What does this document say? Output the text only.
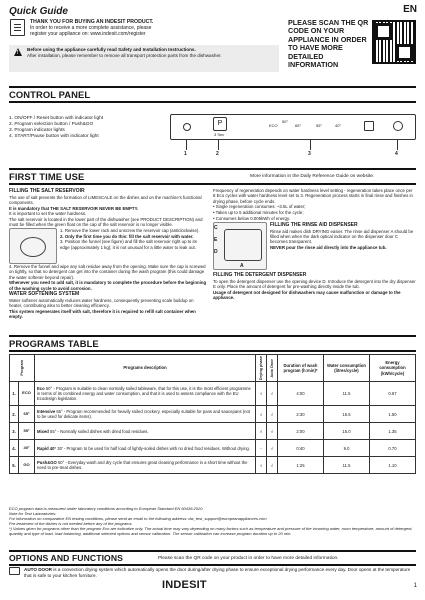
Quick Guide	EN
THANK YOU FOR BUYING AN INDESIT PRODUCT.
In order to receive a more complete assistance, please
register your appliance on: www.indesit.com/register
PLEASE SCAN THE QR CODE ON YOUR APPLIANCE IN ORDER TO HAVE MORE DETAILED INFORMATION
!
Before using the appliance carefully read Safety and Installation Instructions.
After installation, please remember to remove all transport protection parts from the dishwasher.
CONTROL PANEL
1. ON/OFF / Reset button with indicator light
2. Program selection button / Push&GO
3. Program indicator lights
4. START/Pause button with indicator light
P
3 Sec
ECO
50°
65°	55°	40°
1	2	3	4
FIRST TIME USE	More information in the Daily Reference Guide on website.
FILLING THE SALT RESERVOIR

The use of salt prevents the formation of LIMESCALE on the dishes and on the machine's functional components.

It is mandatory that THE SALT RESERVOIR NEVER BE EMPTY.

It is important to set the water hardness.

The salt reservoir is located in the lower part of the dishwasher (see PRODUCT DESCRIPTION) and must be filled when the green float on the cap of the salt reservoir is no longer visible.

1. Remove the lower rack and unscrew the reservoir cap (anticlockwise).

2. Only the first time you do this: fill the salt reservoir with water.

3. Position the funnel (see figure) and fill the salt reservoir right up to its edge (approximately 1 kg); it is not unusual for a little water to leak out.

4. Remove the funnel and wipe any salt residue away from the opening. Make sure the cap is screwed on tightly, so that no detergent can get into the container during the wash program (this could damage the water softener beyond repair).

Whenever you need to add salt, it is mandatory to complete the procedure before the beginning of the washing cycle to avoid corrosion.

WATER SOFTENING SYSTEM

Water softener automatically reduces water hardness, consequently preventing scale buildup on heater, contributing also to better cleaning efficiency.

This system regenerates itself with salt, therefore it is required to refill salt container when empty.

Frequency of regeneration depends on water hardness level setting - regeneration takes place once per 8 Eco cycles with water hardness level set to 3. Regeneration process starts in final rinse and finishes in drying phase, before cycle ends.

• Single regeneration consumes: ~3.5L of water;

• Takes up to 5 additional minutes for the cycle;

• Consumes below 0.005kWh of energy.

C
E
D
A
FILLING THE RINSE AID DISPENSER

Rinse aid makes dish DRYING easier. The rinse aid dispenser A should be filled when when the dark optical indicator on the dispenser door C becomes transparent.

NEVER pour the rinse aid directly into the appliance tub.

FILLING THE DETERGENT DISPENSER

To open the detergent dispenser use the opening device D. Introduce the detergent into the dry dispenser E only. Place the amount of detergent for pre-washing directly inside the tub.

Usage of detergent not designed for dishwashers may cause malfunction or damage to the appliance.

PROGRAMS TABLE
Program		Programs description	Drying phase	Auto Door	Duration of wash program (h:min)*	Water consumption (litres/cycle)	Energy consumption (kWh/cycle)
1.	ECO	Eco 50° - Program is suitable to clean normally soiled tableware, that for this use, it is the most efficient programme in terms of its combined energy and water consumption, and that it is used to assess compliance with the EU Ecodesign legislation.	√	√	4:00	11.5	0.67
2.	65°	Intensive 65° - Program recommended for heavily soiled crockery, especially suitable for pans and saucepans (not to be used for delicate items).	√	√	2:30	15.5	1.50
3.	55°	Mixed 55° - Normally soiled dishes with dried food residues.	√	√	2:00	15.0	1.35
4.	40°	Rapid 40° 30' - Program to be used for half load of lightly-soiled dishes with no dried food residues. Without drying.	-	√	0:40	9.0	0.70
5.	GO	Push&GO 50° - Everyday wash and dry cycle that ensures great cleaning performance in a short time without the need to pre-treat dishes.	√	√	1:25	11.5	1.10
ECO program data is measured under laboratory conditions according to European Standard EN 60436:2020.
Note for Test Laboratories:
For information on comparative EN testing conditions, please send an email to the following address: dw_test_support@europeanappliances.com
Pre-treatment of the dishes is not needed before any of the programs.
*) Values given for programs other than the program Eco are indicative only. The actual time may vary depending on many factors such as temperature and pressure of the incoming water, room temperature, amount of detergent, quantity and type of load, load balancing, additional selected options and sensor calibration. The sensor calibration can increase program duration up to 20 min.
OPTIONS AND FUNCTIONS	Please scan the QR code on your product in order to have more detailed information.
AUTO DOOR is a convection drying system which automatically opens the door during/after drying phase to ensure exceptional drying performance every day. Door opens at the temperature that is safe to your kitchen furniture.
INDESIT	1
